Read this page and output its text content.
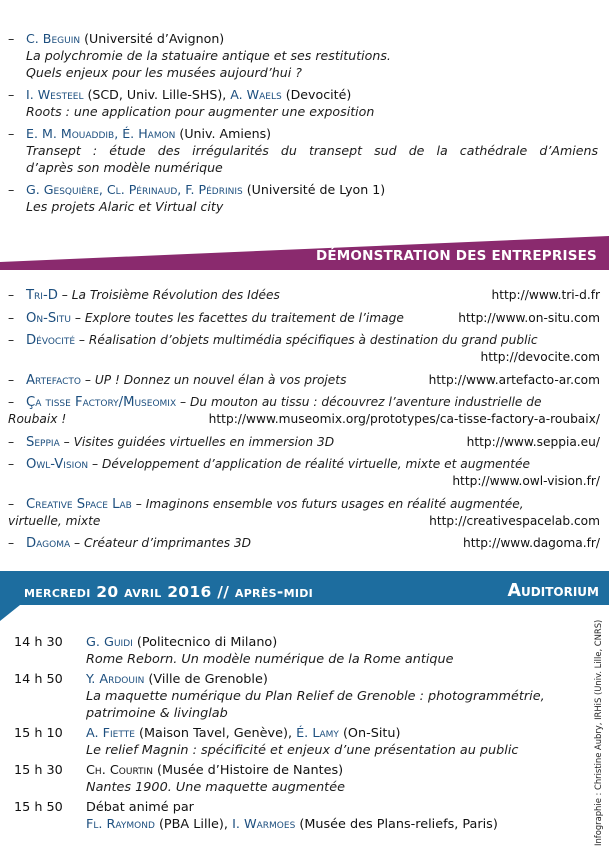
– C. Beguin (Université d’Avignon)
La polychromie de la statuaire antique et ses restitutions.
Quels enjeux pour les musées aujourd’hui ?
– I. Westeel (SCD, Univ. Lille-SHS), A. Waels (Devocité)
Roots : une application pour augmenter une exposition
– E. M. Mouaddib, É. Hamon (Univ. Amiens)
Transept : étude des irrégularités du transept sud de la cathédrale d’Amiens
d’après son modèle numérique
– G. Gesquière, Cl. Périnaud, F. Pédrinis (Université de Lyon 1)
Les projets Alaric et Virtual city
DÉMONSTRATION DES ENTREPRISES
– Tri-D – La Troisième Révolution des Idées	http://www.tri-d.fr
– On-Situ – Explore toutes les facettes du traitement de l’image	http://www.on-situ.com
– Dévocité – Réalisation d’objets multimédia spécifiques à destination du grand public
http://devocite.com
– Artefacto – UP ! Donnez un nouvel élan à vos projets	http://www.artefacto-ar.com
– Ça tisse Factory/Museomix – Du mouton au tissu : découvrez l’aventure industrielle de
Roubaix !	http://www.museomix.org/prototypes/ca-tisse-factory-a-roubaix/
– Seppia – Visites guidées virtuelles en immersion 3D	http://www.seppia.eu/
– Owl-Vision – Développement d’application de réalité virtuelle, mixte et augmentée
http://www.owl-vision.fr/
– Creative Space Lab – Imaginons ensemble vos futurs usages en réalité augmentée,
virtuelle, mixte	http://creativespacelab.com
– Dagoma – Créateur d’imprimantes 3D	http://www.dagoma.fr/
mercredi 20 avril 2016 // après-midi	Auditorium
14 h 30	G. Guidi (Politecnico di Milano)
Rome Reborn. Un modèle numérique de la Rome antique
14 h 50	Y. Ardouin (Ville de Grenoble)
La maquette numérique du Plan Relief de Grenoble : photogrammétrie,
patrimoine & livinglab
15 h 10	A. Fiette (Maison Tavel, Genève), É. Lamy (On-Situ)
Le relief Magnin : spécificité et enjeux d’une présentation au public
15 h 30	Ch. Courtin (Musée d’Histoire de Nantes)
Nantes 1900. Une maquette augmentée
15 h 50	Débat animé par
Fl. Raymond (PBA Lille), I. Warmoes (Musée des Plans-reliefs, Paris)	Infographie : Christine Aubry, IRHiS (Univ. Lille, CNRS)
